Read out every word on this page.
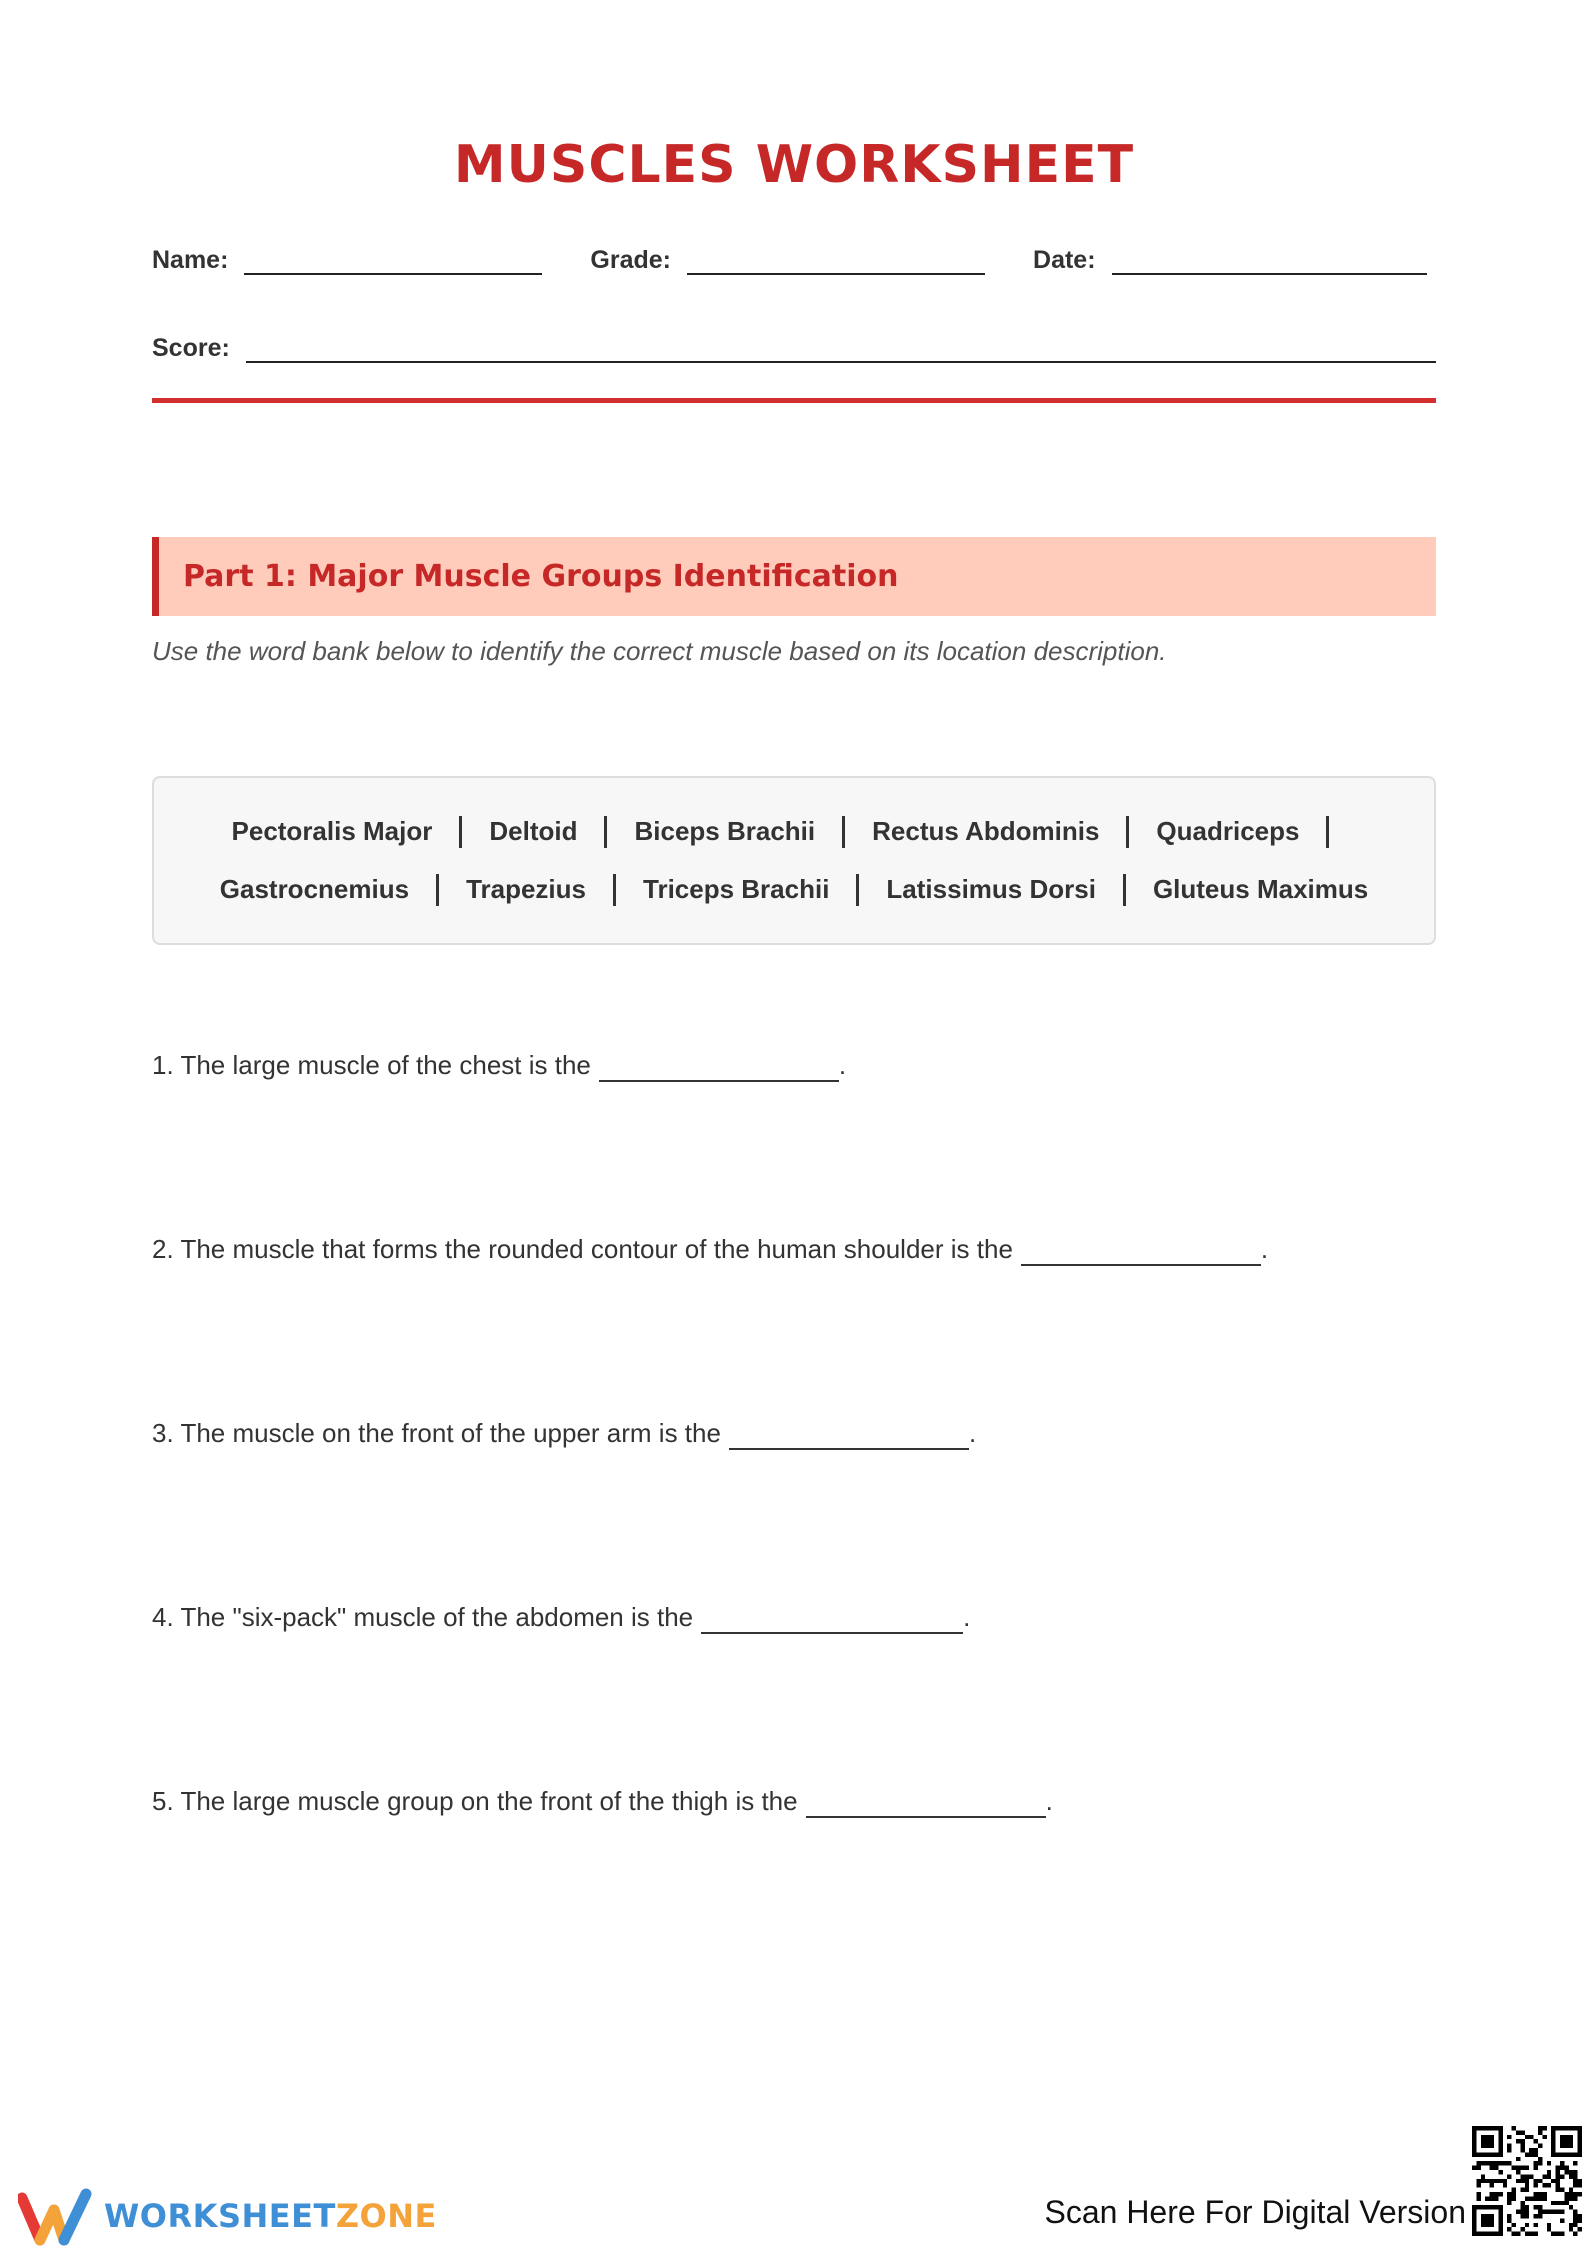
MUSCLES WORKSHEET
Name:	Grade:	Date:
Score:
Part 1: Major Muscle Groups Identification
Use the word bank below to identify the correct muscle based on its location description.
Pectoralis Major Deltoid Biceps Brachii Rectus Abdominis Quadriceps
Gastrocnemius Trapezius Triceps Brachii Latissimus Dorsi Gluteus Maximus
1. The large muscle of the chest is the	.
2. The muscle that forms the rounded contour of the human shoulder is the	.
3. The muscle on the front of the upper arm is the	.
4. The "six-pack" muscle of the abdomen is the	.
5. The large muscle group on the front of the thigh is the	.
WORKSHEETZONE	Scan Here For Digital Version
